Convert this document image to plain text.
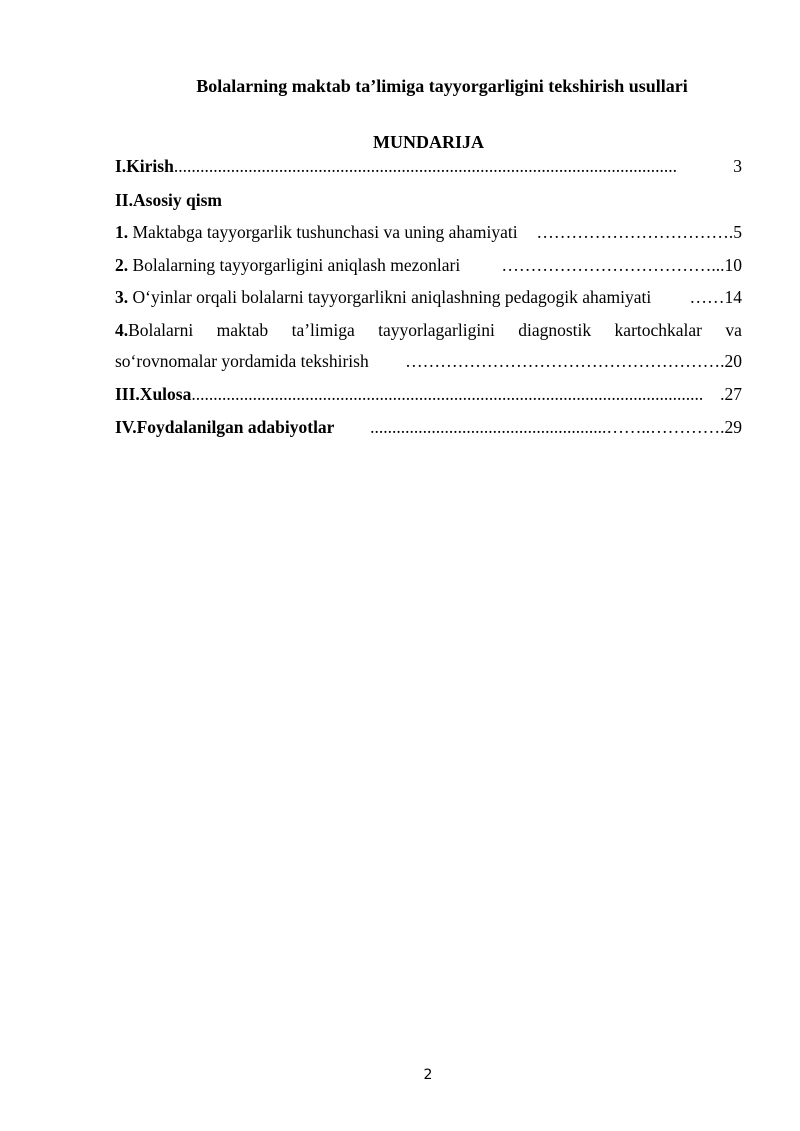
Bolalarning maktab ta’limiga tayyorgarligini tekshirish usullari
MUNDARIJA
I.Kirish ...................................................................................................................	3
II.Asosiy qism
1. Maktabga tayyorgarlik tushunchasi va uning ahamiyati	…………………………… .5
2. Bolalarning tayyorgarligini aniqlash mezonlari	……………………………….. .10
3. O‘yinlar orqali bolalarni tayyorgarlikni aniqlashning pedagogik ahamiyati	…… 14
4.Bolalarni maktab ta’limiga tayyorlagarligini diagnostik kartochkalar va
so‘rovnomalar yordamida tekshirish	……………………………………………… .20
III.Xulosa ..................................................................................................................... .27
IV.Foydalanilgan adabiyotlar	......................................................……..………… .29
2
